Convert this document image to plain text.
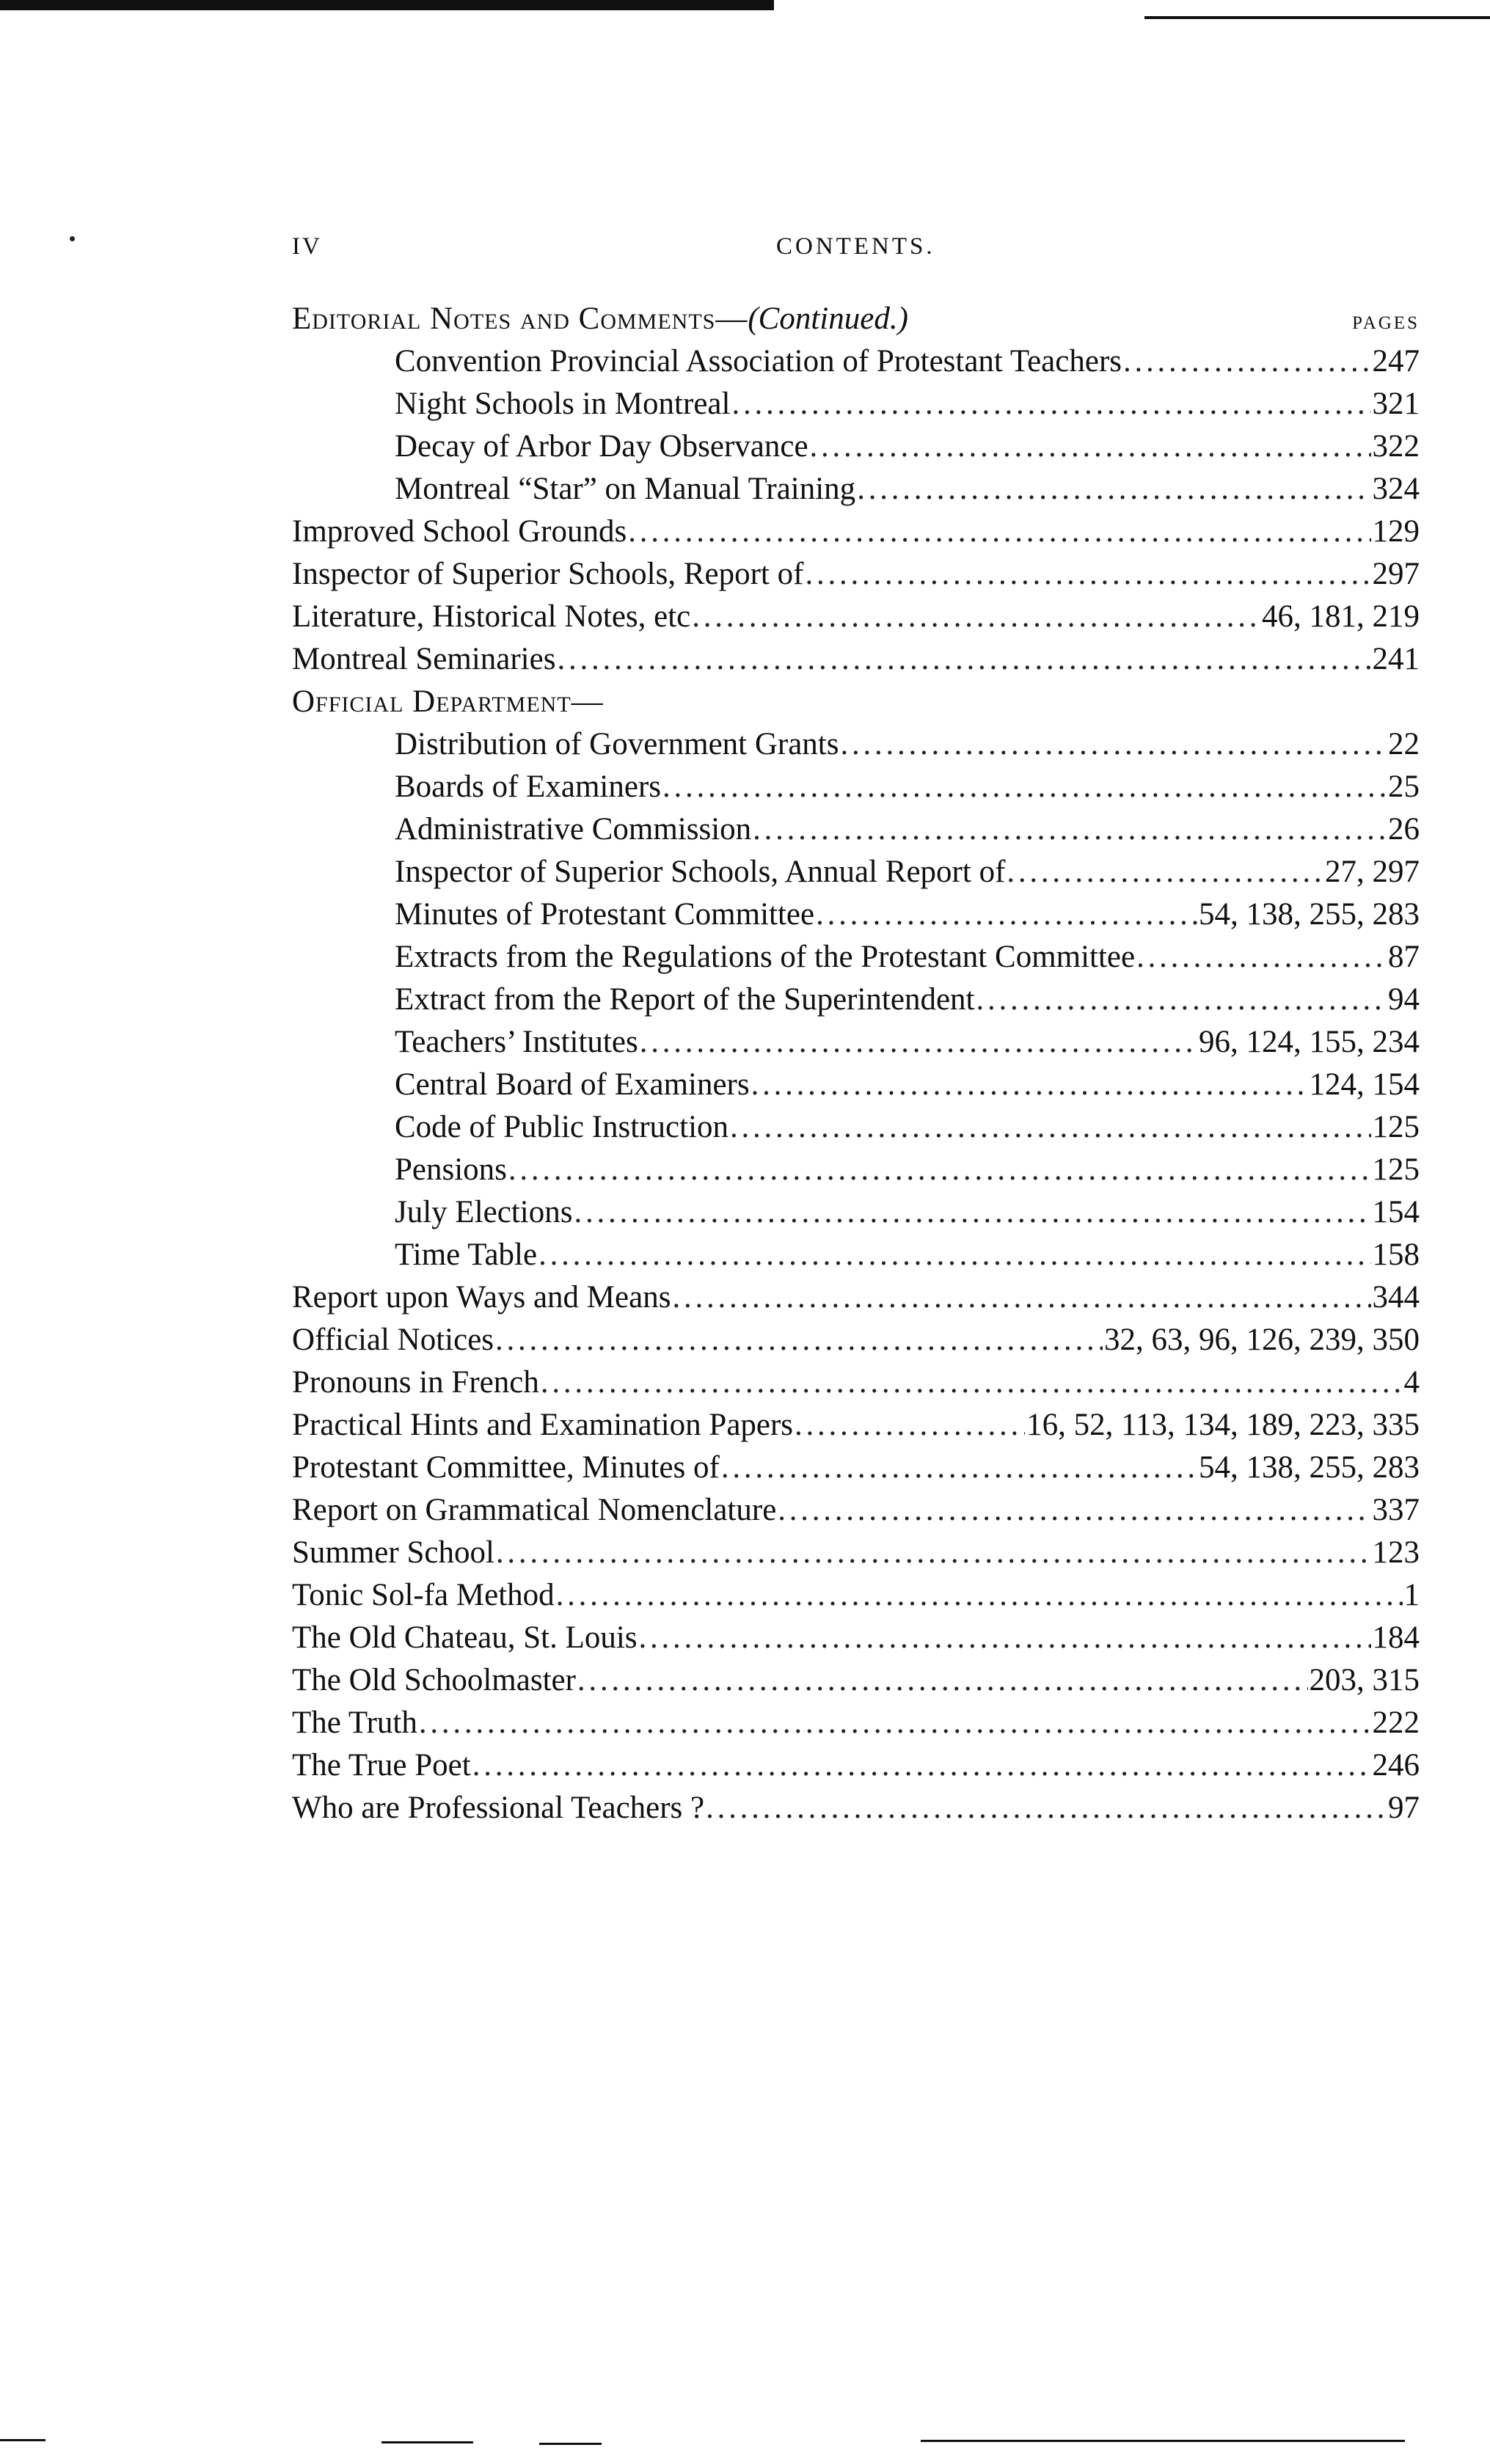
IV	CONTENTS.
Editorial Notes and Comments—(Continued.)	PAGES
Convention Provincial Association of Protestant Teachers . . .	247
Night Schools in Montreal . . .	321
Decay of Arbor Day Observance . . .	322
Montreal “Star” on Manual Training . . .	324
Improved School Grounds . . .	129
Inspector of Superior Schools, Report of . . .	297
Literature, Historical Notes, etc . . .	46, 181, 219
Montreal Seminaries . . .	241
Official Department—
Distribution of Government Grants . . .	22
Boards of Examiners . . .	25
Administrative Commission . . .	26
Inspector of Superior Schools, Annual Report of . . .	27, 297
Minutes of Protestant Committee . . .	54, 138, 255, 283
Extracts from the Regulations of the Protestant Committee . . .	87
Extract from the Report of the Superintendent . . .	94
Teachers’ Institutes . . .	96, 124, 155, 234
Central Board of Examiners . . .	124, 154
Code of Public Instruction . . .	125
Pensions . . .	125
July Elections . . .	154
Time Table . . .	158
Report upon Ways and Means . . .	344
Official Notices . . .	32, 63, 96, 126, 239, 350
Pronouns in French . . .	4
Practical Hints and Examination Papers . . .	16, 52, 113, 134, 189, 223, 335
Protestant Committee, Minutes of . . .	54, 138, 255, 283
Report on Grammatical Nomenclature . . .	337
Summer School . . .	123
Tonic Sol-fa Method . . .	1
The Old Chateau, St. Louis . . .	184
The Old Schoolmaster . . .	203, 315
The Truth . . .	222
The True Poet . . .	246
Who are Professional Teachers ? . . .	97
